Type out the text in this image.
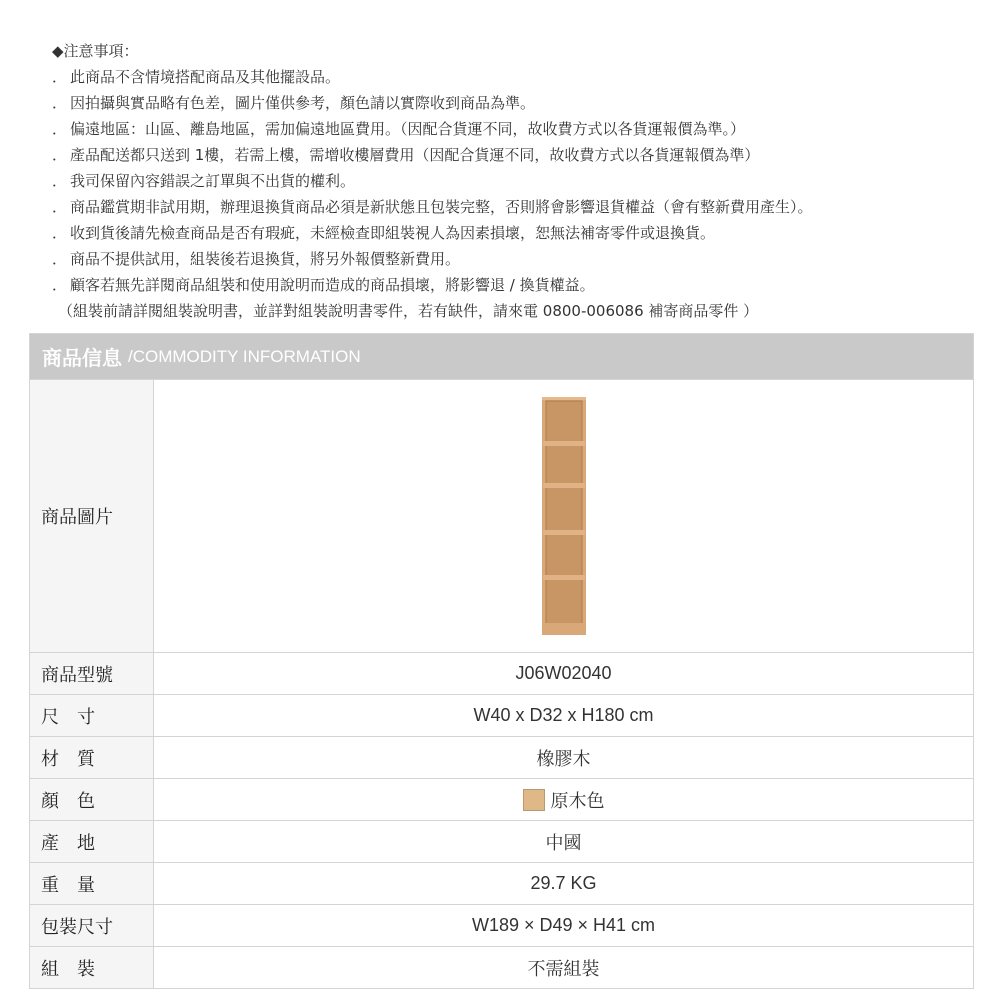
◆注意事項：
． 此商品不含情境搭配商品及其他擺設品。
． 因拍攝與實品略有色差，圖片僅供參考，顏色請以實際收到商品為準。
． 偏遠地區：山區、離島地區，需加偏遠地區費用。（因配合貨運不同，故收費方式以各貨運報價為準。）
． 產品配送都只送到 1樓，若需上樓，需增收樓層費用（因配合貨運不同，故收費方式以各貨運報價為準）
． 我司保留內容錯誤之訂單與不出貨的權利。
． 商品鑑賞期非試用期，辦理退換貨商品必須是新狀態且包裝完整，否則將會影響退貨權益（會有整新費用產生）。
． 收到貨後請先檢查商品是否有瑕疵，未經檢查即組裝視人為因素損壞，恕無法補寄零件或退換貨。
． 商品不提供試用，組裝後若退換貨，將另外報價整新費用。
． 顧客若無先詳閱商品組裝和使用說明而造成的商品損壞，將影響退 / 換貨權益。
（組裝前請詳閱組裝說明書，並詳對組裝說明書零件，若有缺件，請來電 0800-006086 補寄商品零件 ）
商品信息 /COMMODITY INFORMATION
商品圖片
商品型號	J06W02040
尺　寸	W40 x D32 x H180 cm
材　質	橡膠木
顏　色	原木色
產　地	中國
重　量	29.7 KG
包裝尺寸	W189 × D49 × H41 cm
組　裝	不需組裝
